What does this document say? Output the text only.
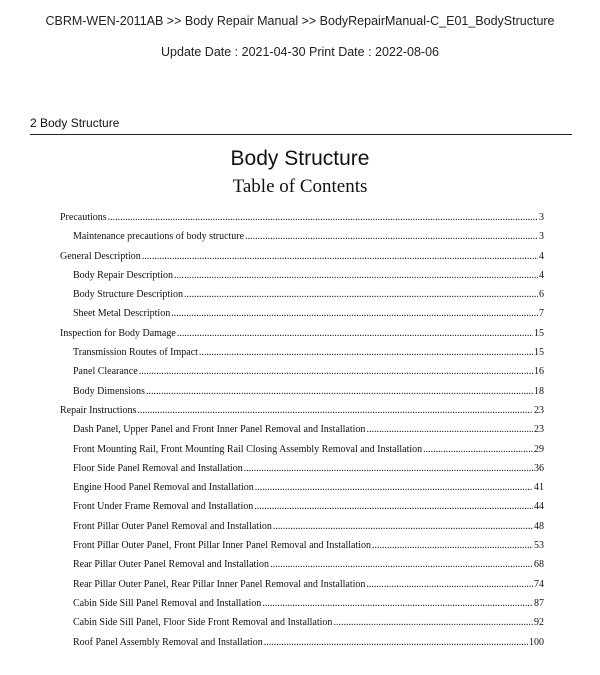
CBRM-WEN-2011AB >> Body Repair Manual >> BodyRepairManual-C_E01_BodyStructure
Update Date : 2021-04-30 Print Date : 2022-08-06
2 Body Structure
Body Structure
Table of Contents
Precautions .....	3
Maintenance precautions of body structure .....	3
General Description .....	4
Body Repair Description .....	4
Body Structure Description .....	6
Sheet Metal Description .....	7
Inspection for Body Damage .....	15
Transmission Routes of Impact .....	15
Panel Clearance .....	16
Body Dimensions .....	18
Repair Instructions .....	23
Dash Panel, Upper Panel and Front Inner Panel Removal and Installation .....	23
Front Mounting Rail, Front Mounting Rail Closing Assembly Removal and Installation .....	29
Floor Side Panel Removal and Installation .....	36
Engine Hood Panel Removal and Installation .....	41
Front Under Frame Removal and Installation .....	44
Front Pillar Outer Panel Removal and Installation .....	48
Front Pillar Outer Panel, Front Pillar Inner Panel Removal and Installation .....	53
Rear Pillar Outer Panel Removal and Installation .....	68
Rear Pillar Outer Panel, Rear Pillar Inner Panel Removal and Installation .....	74
Cabin Side Sill Panel Removal and Installation .....	87
Cabin Side Sill Panel, Floor Side Front Removal and Installation .....	92
Roof Panel Assembly Removal and Installation .....	100
